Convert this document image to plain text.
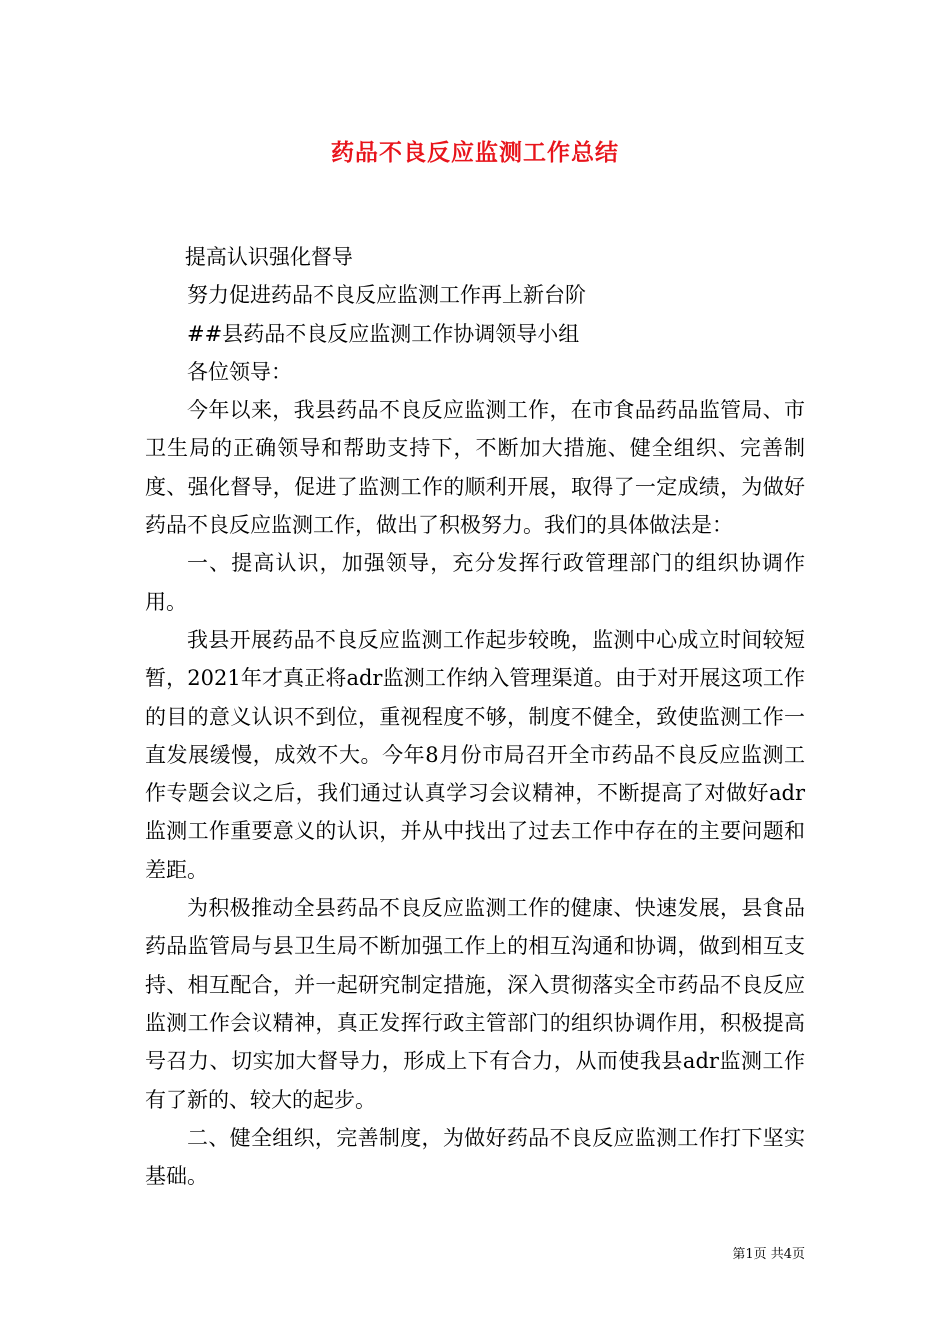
药品不良反应监测工作总结

提高认识强化督导

努力促进药品不良反应监测工作再上新台阶

##县药品不良反应监测工作协调领导小组

各位领导：

今年以来，我县药品不良反应监测工作，在市食品药品监管局、市卫生局的正确领导和帮助支持下，不断加大措施、健全组织、完善制度、强化督导，促进了监测工作的顺利开展，取得了一定成绩，为做好药品不良反应监测工作，做出了积极努力。我们的具体做法是：

一、提高认识，加强领导，充分发挥行政管理部门的组织协调作用。

我县开展药品不良反应监测工作起步较晚，监测中心成立时间较短暂，2021年才真正将adr监测工作纳入管理渠道。由于对开展这项工作的目的意义认识不到位，重视程度不够，制度不健全，致使监测工作一直发展缓慢，成效不大。今年8月份市局召开全市药品不良反应监测工作专题会议之后，我们通过认真学习会议精神，不断提高了对做好adr监测工作重要意义的认识，并从中找出了过去工作中存在的主要问题和差距。

为积极推动全县药品不良反应监测工作的健康、快速发展，县食品药品监管局与县卫生局不断加强工作上的相互沟通和协调，做到相互支持、相互配合，并一起研究制定措施，深入贯彻落实全市药品不良反应监测工作会议精神，真正发挥行政主管部门的组织协调作用，积极提高号召力、切实加大督导力，形成上下有合力，从而使我县adr监测工作有了新的、较大的起步。

二、健全组织，完善制度，为做好药品不良反应监测工作打下坚实基础。

第1页 共4页
